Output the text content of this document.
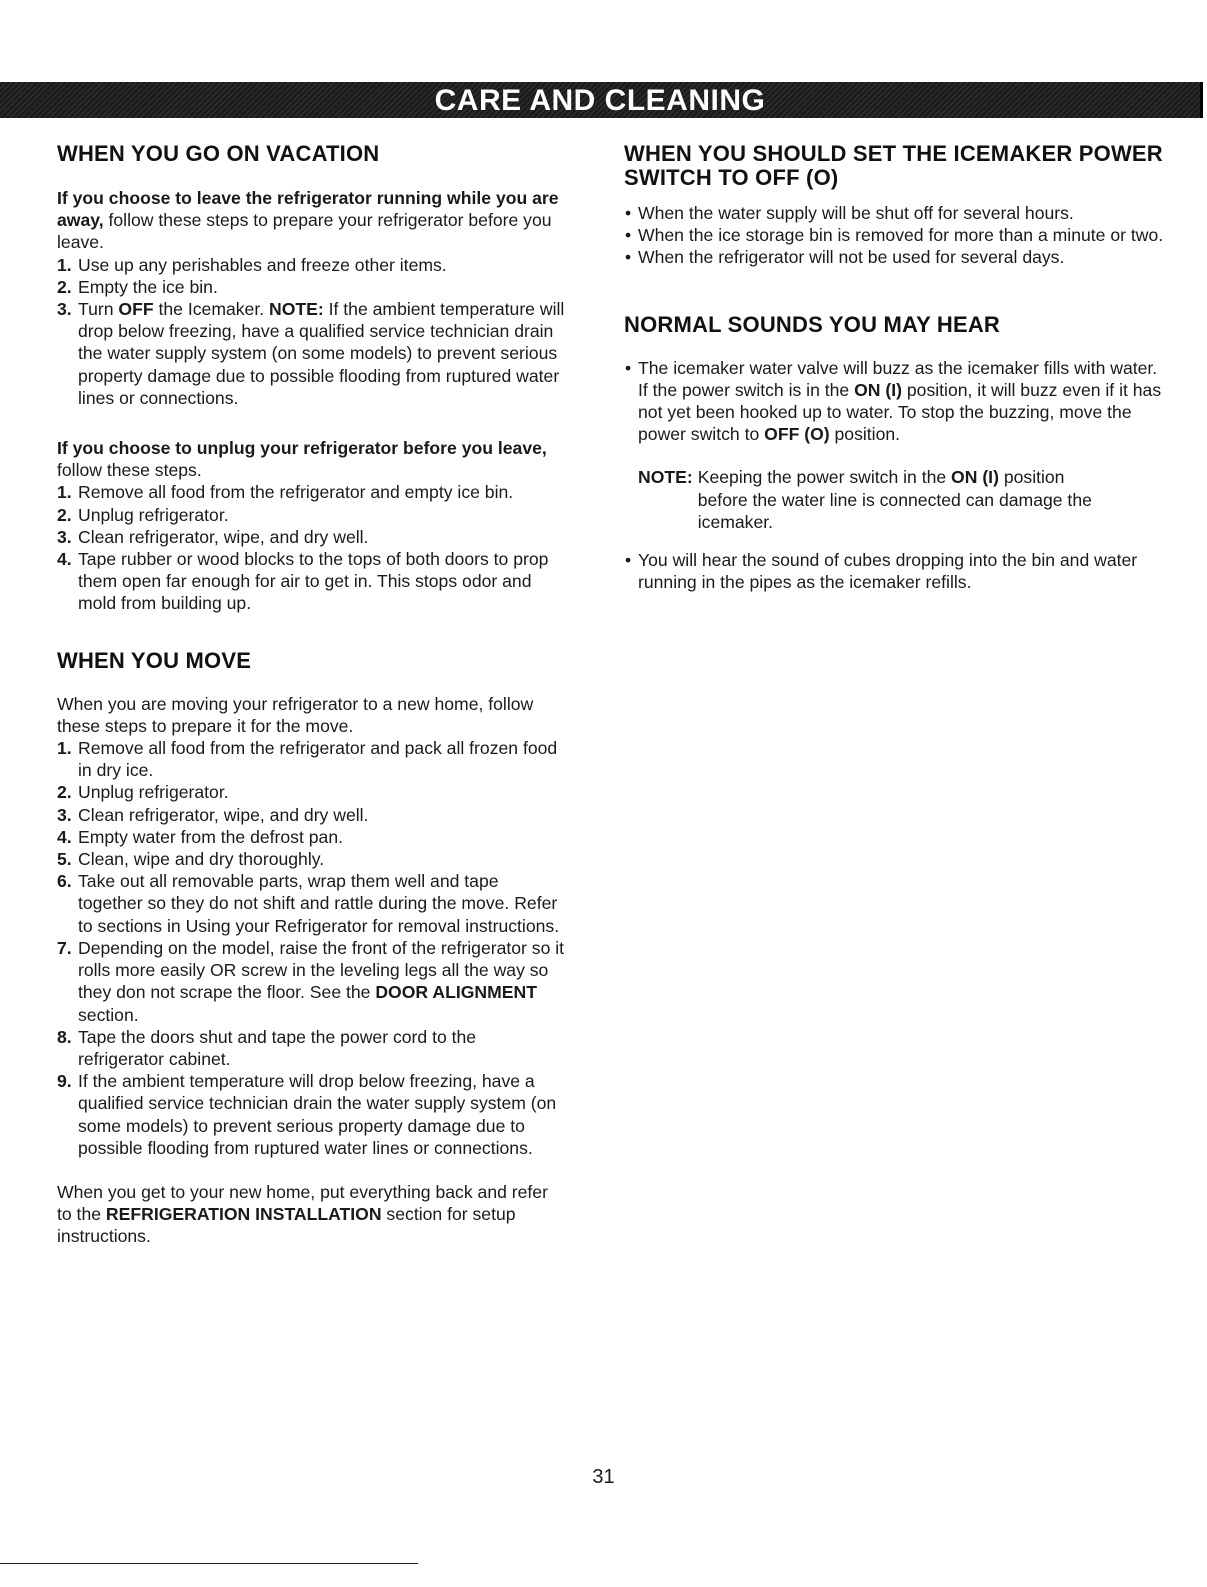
CARE AND CLEANING
WHEN YOU GO ON VACATION

If you choose to leave the refrigerator running while you are away, follow these steps to prepare your refrigerator before you leave.

1. Use up any perishables and freeze other items.
2. Empty the ice bin.
3. Turn OFF the Icemaker. NOTE: If the ambient temperature will drop below freezing, have a qualified service technician drain the water supply system (on some models) to prevent serious property damage due to possible flooding from ruptured water lines or connections.

If you choose to unplug your refrigerator before you leave, follow these steps.

1. Remove all food from the refrigerator and empty ice bin.
2. Unplug refrigerator.
3. Clean refrigerator, wipe, and dry well.
4. Tape rubber or wood blocks to the tops of both doors to prop them open far enough for air to get in. This stops odor and mold from building up.
WHEN YOU MOVE

When you are moving your refrigerator to a new home, follow these steps to prepare it for the move.

1. Remove all food from the refrigerator and pack all frozen food in dry ice.
2. Unplug refrigerator.
3. Clean refrigerator, wipe, and dry well.
4. Empty water from the defrost pan.
5. Clean, wipe and dry thoroughly.
6. Take out all removable parts, wrap them well and tape together so they do not shift and rattle during the move. Refer to sections in Using your Refrigerator for removal instructions.
7. Depending on the model, raise the front of the refrigerator so it rolls more easily OR screw in the leveling legs all the way so they don not scrape the floor. See the DOOR ALIGNMENT section.
8. Tape the doors shut and tape the power cord to the refrigerator cabinet.
9. If the ambient temperature will drop below freezing, have a qualified service technician drain the water supply system (on some models) to prevent serious property damage due to possible flooding from ruptured water lines or connections.

When you get to your new home, put everything back and refer to the REFRIGERATION INSTALLATION section for setup instructions.

WHEN YOU SHOULD SET THE ICEMAKER POWER SWITCH TO OFF (O)
• When the water supply will be shut off for several hours.
• When the ice storage bin is removed for more than a minute or two.
• When the refrigerator will not be used for several days.
NORMAL SOUNDS YOU MAY HEAR
• The icemaker water valve will buzz as the icemaker fills with water. If the power switch is in the ON (I) position, it will buzz even if it has not yet been hooked up to water. To stop the buzzing, move the power switch to OFF (O) position.
NOTE: Keeping the power switch in the ON (I) position before the water line is connected can damage the icemaker.
• You will hear the sound of cubes dropping into the bin and water running in the pipes as the icemaker refills.
31
